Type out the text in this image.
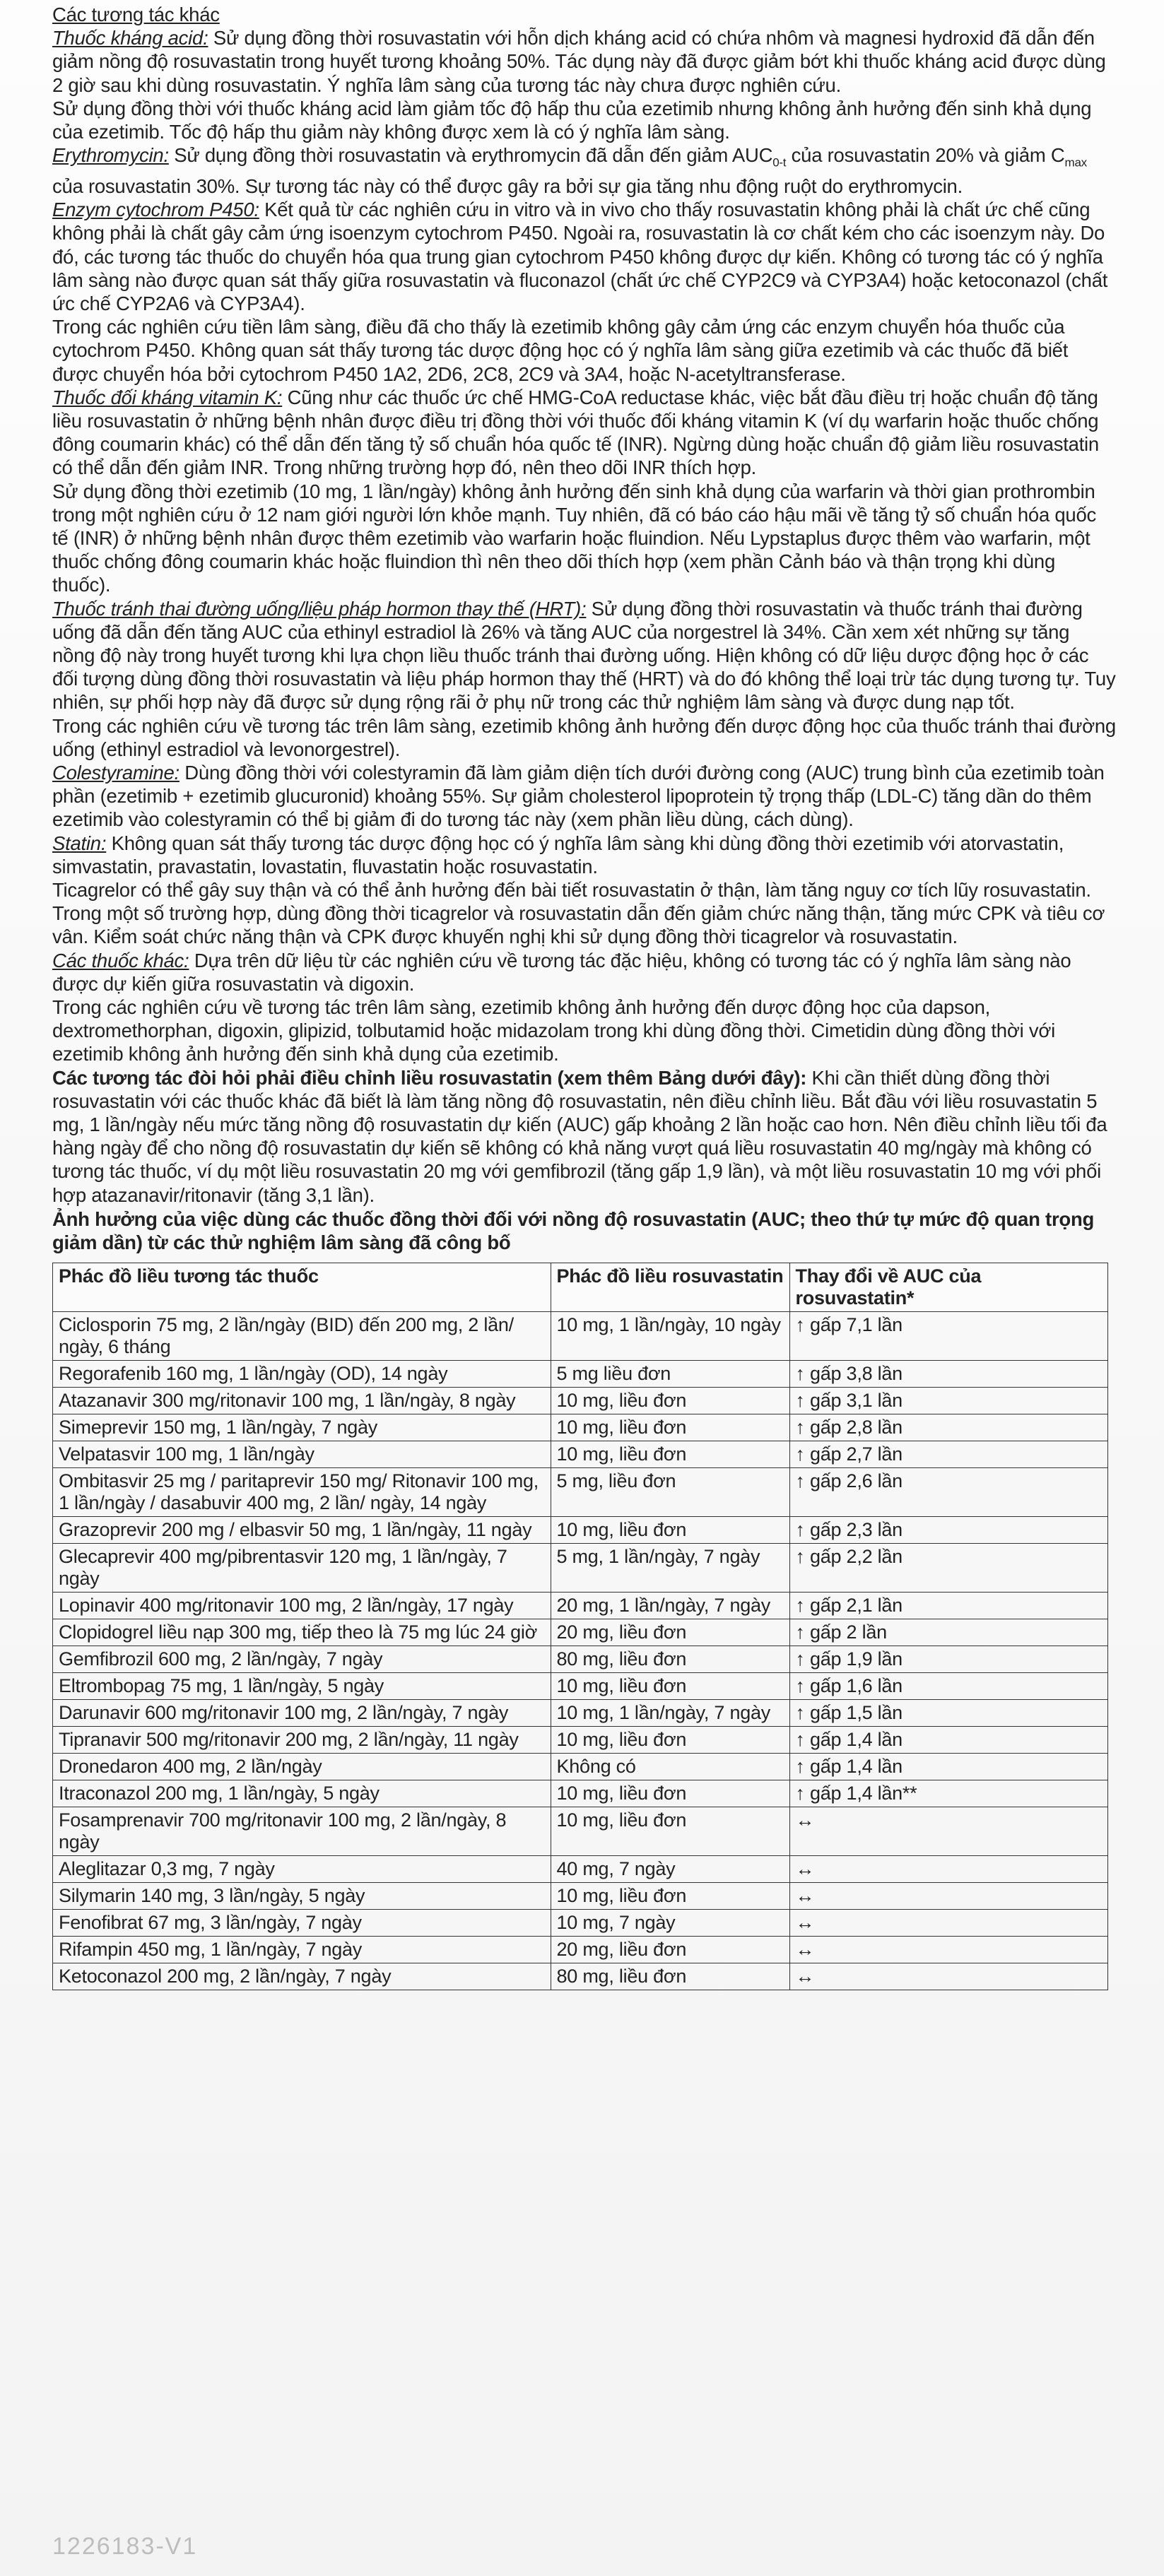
Các tương tác khác

Thuốc kháng acid: Sử dụng đồng thời rosuvastatin với hỗn dịch kháng acid có chứa nhôm và magnesi hydroxid đã dẫn đến giảm nồng độ rosuvastatin trong huyết tương khoảng 50%. Tác dụng này đã được giảm bớt khi thuốc kháng acid được dùng 2 giờ sau khi dùng rosuvastatin. Ý nghĩa lâm sàng của tương tác này chưa được nghiên cứu.

Sử dụng đồng thời với thuốc kháng acid làm giảm tốc độ hấp thu của ezetimib nhưng không ảnh hưởng đến sinh khả dụng của ezetimib. Tốc độ hấp thu giảm này không được xem là có ý nghĩa lâm sàng.

Erythromycin: Sử dụng đồng thời rosuvastatin và erythromycin đã dẫn đến giảm $AUC_{0-t}$ của rosuvastatin 20% và giảm $C_{max}$ của rosuvastatin 30%. Sự tương tác này có thể được gây ra bởi sự gia tăng nhu động ruột do erythromycin.

Enzym cytochrom P450: Kết quả từ các nghiên cứu in vitro và in vivo cho thấy rosuvastatin không phải là chất ức chế cũng không phải là chất gây cảm ứng isoenzym cytochrom P450. Ngoài ra, rosuvastatin là cơ chất kém cho các isoenzym này. Do đó, các tương tác thuốc do chuyển hóa qua trung gian cytochrom P450 không được dự kiến. Không có tương tác có ý nghĩa lâm sàng nào được quan sát thấy giữa rosuvastatin và fluconazol (chất ức chế CYP2C9 và CYP3A4) hoặc ketoconazol (chất ức chế CYP2A6 và CYP3A4).

Trong các nghiên cứu tiền lâm sàng, điều đã cho thấy là ezetimib không gây cảm ứng các enzym chuyển hóa thuốc của cytochrom P450. Không quan sát thấy tương tác dược động học có ý nghĩa lâm sàng giữa ezetimib và các thuốc đã biết được chuyển hóa bởi cytochrom P450 1A2, 2D6, 2C8, 2C9 và 3A4, hoặc N-acetyltransferase.

Thuốc đối kháng vitamin K: Cũng như các thuốc ức chế HMG-CoA reductase khác, việc bắt đầu điều trị hoặc chuẩn độ tăng liều rosuvastatin ở những bệnh nhân được điều trị đồng thời với thuốc đối kháng vitamin K (ví dụ warfarin hoặc thuốc chống đông coumarin khác) có thể dẫn đến tăng tỷ số chuẩn hóa quốc tế (INR). Ngừng dùng hoặc chuẩn độ giảm liều rosuvastatin có thể dẫn đến giảm INR. Trong những trường hợp đó, nên theo dõi INR thích hợp.

Sử dụng đồng thời ezetimib (10 mg, 1 lần/ngày) không ảnh hưởng đến sinh khả dụng của warfarin và thời gian prothrombin trong một nghiên cứu ở 12 nam giới người lớn khỏe mạnh. Tuy nhiên, đã có báo cáo hậu mãi về tăng tỷ số chuẩn hóa quốc tế (INR) ở những bệnh nhân được thêm ezetimib vào warfarin hoặc fluindion. Nếu Lypstaplus được thêm vào warfarin, một thuốc chống đông coumarin khác hoặc fluindion thì nên theo dõi thích hợp (xem phần Cảnh báo và thận trọng khi dùng thuốc).

Thuốc tránh thai đường uống/liệu pháp hormon thay thế (HRT): Sử dụng đồng thời rosuvastatin và thuốc tránh thai đường uống đã dẫn đến tăng AUC của ethinyl estradiol là 26% và tăng AUC của norgestrel là 34%. Cần xem xét những sự tăng nồng độ này trong huyết tương khi lựa chọn liều thuốc tránh thai đường uống. Hiện không có dữ liệu dược động học ở các đối tượng dùng đồng thời rosuvastatin và liệu pháp hormon thay thế (HRT) và do đó không thể loại trừ tác dụng tương tự. Tuy nhiên, sự phối hợp này đã được sử dụng rộng rãi ở phụ nữ trong các thử nghiệm lâm sàng và được dung nạp tốt.

Trong các nghiên cứu về tương tác trên lâm sàng, ezetimib không ảnh hưởng đến dược động học của thuốc tránh thai đường uống (ethinyl estradiol và levonorgestrel).

Colestyramine: Dùng đồng thời với colestyramin đã làm giảm diện tích dưới đường cong (AUC) trung bình của ezetimib toàn phần (ezetimib + ezetimib glucuronid) khoảng 55%. Sự giảm cholesterol lipoprotein tỷ trọng thấp (LDL-C) tăng dần do thêm ezetimib vào colestyramin có thể bị giảm đi do tương tác này (xem phần liều dùng, cách dùng).

Statin: Không quan sát thấy tương tác dược động học có ý nghĩa lâm sàng khi dùng đồng thời ezetimib với atorvastatin, simvastatin, pravastatin, lovastatin, fluvastatin hoặc rosuvastatin.

Ticagrelor có thể gây suy thận và có thể ảnh hưởng đến bài tiết rosuvastatin ở thận, làm tăng nguy cơ tích lũy rosuvastatin. Trong một số trường hợp, dùng đồng thời ticagrelor và rosuvastatin dẫn đến giảm chức năng thận, tăng mức CPK và tiêu cơ vân. Kiểm soát chức năng thận và CPK được khuyến nghị khi sử dụng đồng thời ticagrelor và rosuvastatin.

Các thuốc khác: Dựa trên dữ liệu từ các nghiên cứu về tương tác đặc hiệu, không có tương tác có ý nghĩa lâm sàng nào được dự kiến giữa rosuvastatin và digoxin.

Trong các nghiên cứu về tương tác trên lâm sàng, ezetimib không ảnh hưởng đến dược động học của dapson, dextromethorphan, digoxin, glipizid, tolbutamid hoặc midazolam trong khi dùng đồng thời. Cimetidin dùng đồng thời với ezetimib không ảnh hưởng đến sinh khả dụng của ezetimib.

Các tương tác đòi hỏi phải điều chỉnh liều rosuvastatin (xem thêm Bảng dưới đây): Khi cần thiết dùng đồng thời rosuvastatin với các thuốc khác đã biết là làm tăng nồng độ rosuvastatin, nên điều chỉnh liều. Bắt đầu với liều rosuvastatin 5 mg, 1 lần/ngày nếu mức tăng nồng độ rosuvastatin dự kiến (AUC) gấp khoảng 2 lần hoặc cao hơn. Nên điều chỉnh liều tối đa hàng ngày để cho nồng độ rosuvastatin dự kiến sẽ không có khả năng vượt quá liều rosuvastatin 40 mg/ngày mà không có tương tác thuốc, ví dụ một liều rosuvastatin 20 mg với gemfibrozil (tăng gấp 1,9 lần), và một liều rosuvastatin 10 mg với phối hợp atazanavir/ritonavir (tăng 3,1 lần).

Ảnh hưởng của việc dùng các thuốc đồng thời đối với nồng độ rosuvastatin (AUC; theo thứ tự mức độ quan trọng giảm dần) từ các thử nghiệm lâm sàng đã công bố

Phác đồ liều tương tác thuốc	Phác đồ liều rosuvastatin	Thay đổi về AUC của rosuvastatin*
Ciclosporin 75 mg, 2 lần/ngày (BID) đến 200 mg, 2 lần/ ngày, 6 tháng	10 mg, 1 lần/ngày, 10 ngày	↑ gấp 7,1 lần
Regorafenib 160 mg, 1 lần/ngày (OD), 14 ngày	5 mg liều đơn	↑ gấp 3,8 lần
Atazanavir 300 mg/ritonavir 100 mg, 1 lần/ngày, 8 ngày	10 mg, liều đơn	↑ gấp 3,1 lần
Simeprevir 150 mg, 1 lần/ngày, 7 ngày	10 mg, liều đơn	↑ gấp 2,8 lần
Velpatasvir 100 mg, 1 lần/ngày	10 mg, liều đơn	↑ gấp 2,7 lần
Ombitasvir 25 mg / paritaprevir 150 mg/ Ritonavir 100 mg, 1 lần/ngày / dasabuvir 400 mg, 2 lần/ ngày, 14 ngày	5 mg, liều đơn	↑ gấp 2,6 lần
Grazoprevir 200 mg / elbasvir 50 mg, 1 lần/ngày, 11 ngày	10 mg, liều đơn	↑ gấp 2,3 lần
Glecaprevir 400 mg/pibrentasvir 120 mg, 1 lần/ngày, 7 ngày	5 mg, 1 lần/ngày, 7 ngày	↑ gấp 2,2 lần
Lopinavir 400 mg/ritonavir 100 mg, 2 lần/ngày, 17 ngày	20 mg, 1 lần/ngày, 7 ngày	↑ gấp 2,1 lần
Clopidogrel liều nạp 300 mg, tiếp theo là 75 mg lúc 24 giờ	20 mg, liều đơn	↑ gấp 2 lần
Gemfibrozil 600 mg, 2 lần/ngày, 7 ngày	80 mg, liều đơn	↑ gấp 1,9 lần
Eltrombopag 75 mg, 1 lần/ngày, 5 ngày	10 mg, liều đơn	↑ gấp 1,6 lần
Darunavir 600 mg/ritonavir 100 mg, 2 lần/ngày, 7 ngày	10 mg, 1 lần/ngày, 7 ngày	↑ gấp 1,5 lần
Tipranavir 500 mg/ritonavir 200 mg, 2 lần/ngày, 11 ngày	10 mg, liều đơn	↑ gấp 1,4 lần
Dronedaron 400 mg, 2 lần/ngày	Không có	↑ gấp 1,4 lần
Itraconazol 200 mg, 1 lần/ngày, 5 ngày	10 mg, liều đơn	↑ gấp 1,4 lần**
Fosamprenavir 700 mg/ritonavir 100 mg, 2 lần/ngày, 8 ngày	10 mg, liều đơn	↔
Aleglitazar 0,3 mg, 7 ngày	40 mg, 7 ngày	↔
Silymarin 140 mg, 3 lần/ngày, 5 ngày	10 mg, liều đơn	↔
Fenofibrat 67 mg, 3 lần/ngày, 7 ngày	10 mg, 7 ngày	↔
Rifampin 450 mg, 1 lần/ngày, 7 ngày	20 mg, liều đơn	↔
Ketoconazol 200 mg, 2 lần/ngày, 7 ngày	80 mg, liều đơn	↔
1226183-V1
